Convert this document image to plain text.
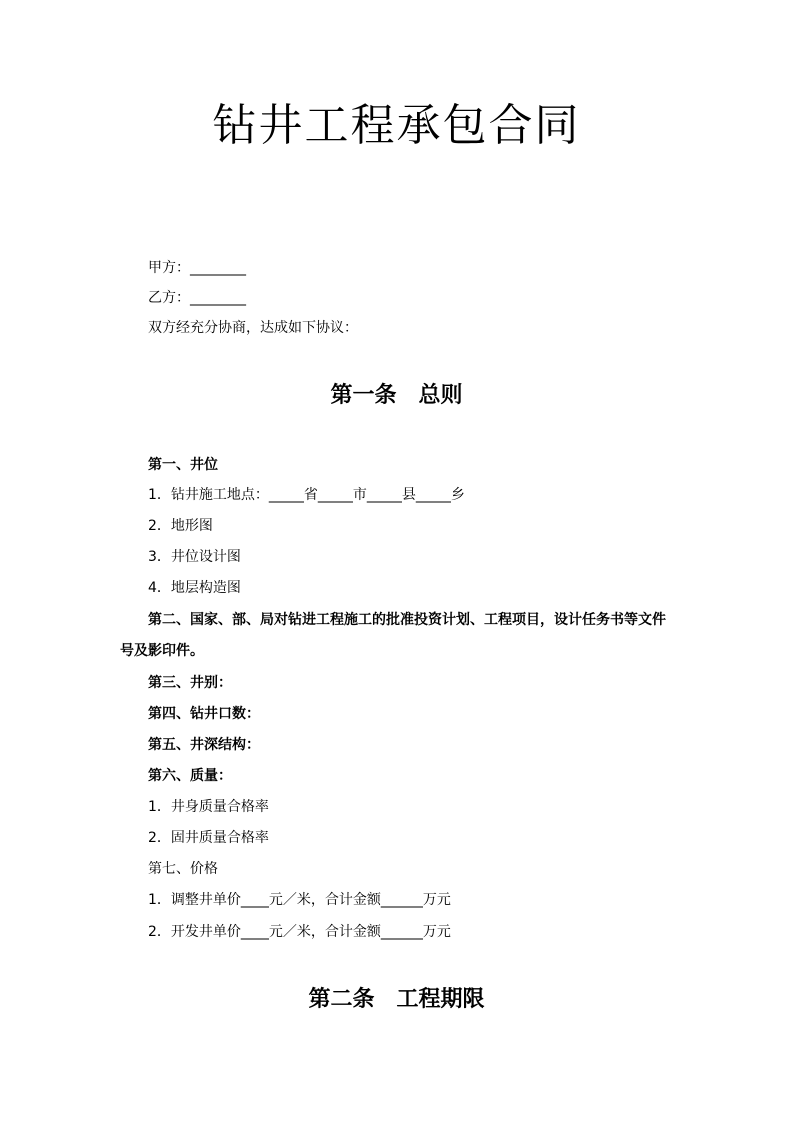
钻井工程承包合同
甲方：________
乙方：________
双方经充分协商，达成如下协议：
第一条　总则
第一、井位
1．钻井施工地点：_____省_____市_____县_____乡
2．地形图
3．井位设计图
4．地层构造图
第二、国家、部、局对钻进工程施工的批准投资计划、工程项目，设计任务书等文件
号及影印件。
第三、井别：
第四、钻井口数：
第五、井深结构：
第六、质量：
1．井身质量合格率
2．固井质量合格率
第七、价格
1．调整井单价____元／米，合计金额______万元
2．开发井单价____元／米，合计金额______万元
第二条　工程期限
